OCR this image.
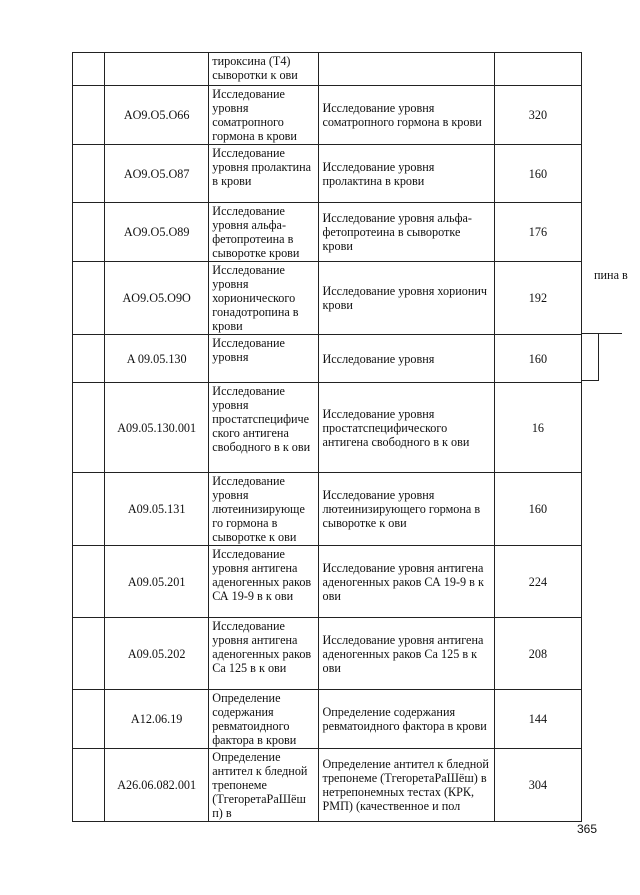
		тироксина (Т4) сыворотки к ови		
	AO9.O5.O66	Исследование уровня соматропного гормона в крови	Исследование уровня соматропного гормона в крови	320
	AO9.O5.O87	Исследование уровня пролактина в крови	Исследование уровня пролактина в крови	160
	AO9.O5.O89	Исследование уровня альфа-фетопротеина в сыворотке крови	Исследование уровня альфа-фетопротеина в сыворотке крови	176
	AO9.O5.O9O	Исследование уровня хорионического гонадотропина в крови	Исследование уровня хорионич крови	192
	A 09.05.130	Исследование уровня	Исследование уровня	160
	A09.05.130.001	Исследование уровня простатспецифиче ского антигена свободного в к ови	Исследование уровня простатспецифического антигена свободного в к ови	16
	A09.05.131	Исследование уровня лютеинизирующе го гормона в сыворотке к ови	Исследование уровня лютеинизирующего гормона в сыворотке к ови	160
	A09.05.201	Исследование уровня антигена аденогенных раков СА 19-9 в к ови	Исследование уровня антигена аденогенных раков СА 19-9 в к ови	224
	A09.05.202	Исследование уровня антигена аденогенных раков Са 125 в к ови	Исследование уровня антигена аденогенных раков Са 125 в к ови	208
	A12.06.19	Определение содержания ревматоидного фактора в крови	Определение содержания ревматоидного фактора в крови	144
	A26.06.082.001	Определение антител к бледной трепонеме (ТгеropетаРаШёш п) в	Определение антител к бледной трепонеме (ТгеropетаРаШёш) в нетрепонемных тестах (КРК, РМП) (качественное и пол	304
пина в
365
